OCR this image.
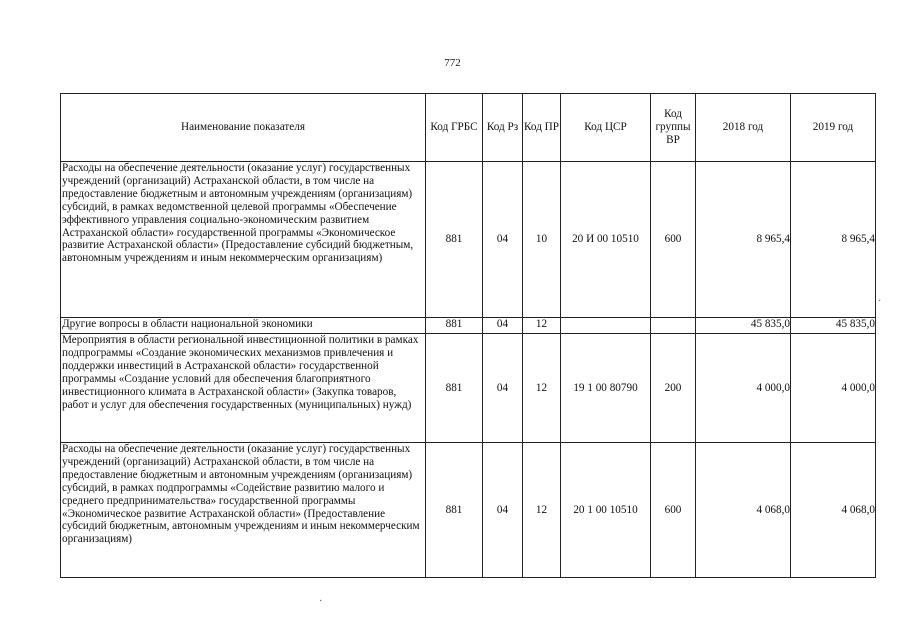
772
Наименование показателя	Код ГРБС	Код Рз	Код ПР	Код ЦСР	Код группы ВР	2018 год	2019 год
Расходы на обеспечение деятельности (оказание услуг) государственных учреждений (организаций) Астраханской области, в том числе на предоставление бюджетным и автономным учреждениям (организациям) субсидий, в рамках ведомственной целевой программы «Обеспечение эффективного управления социально-экономическим развитием Астраханской области» государственной программы «Экономическое развитие Астраханской области» (Предоставление субсидий бюджетным, автономным учреждениям и иным некоммерческим организациям)	881	04	10	20 И 00 10510	600	8 965,4	8 965,4
Другие вопросы в области национальной экономики	881	04	12			45 835,0	45 835,0
Мероприятия в области региональной инвестиционной политики в рамках подпрограммы «Создание экономических механизмов привлечения и поддержки инвестиций в Астраханской области» государственной программы «Создание условий для обеспечения благоприятного инвестиционного климата в Астраханской области» (Закупка товаров, работ и услуг для обеспечения государственных (муниципальных) нужд)	881	04	12	19 1 00 80790	200	4 000,0	4 000,0
Расходы на обеспечение деятельности (оказание услуг) государственных учреждений (организаций) Астраханской области, в том числе на предоставление бюджетным и автономным учреждениям (организациям) субсидий, в рамках подпрограммы «Содействие развитию малого и среднего предпринимательства» государственной программы «Экономическое развитие Астраханской области» (Предоставление субсидий бюджетным, автономным учреждениям и иным некоммерческим организациям)	881	04	12	20 1 00 10510	600	4 068,0	4 068,0
·
·
